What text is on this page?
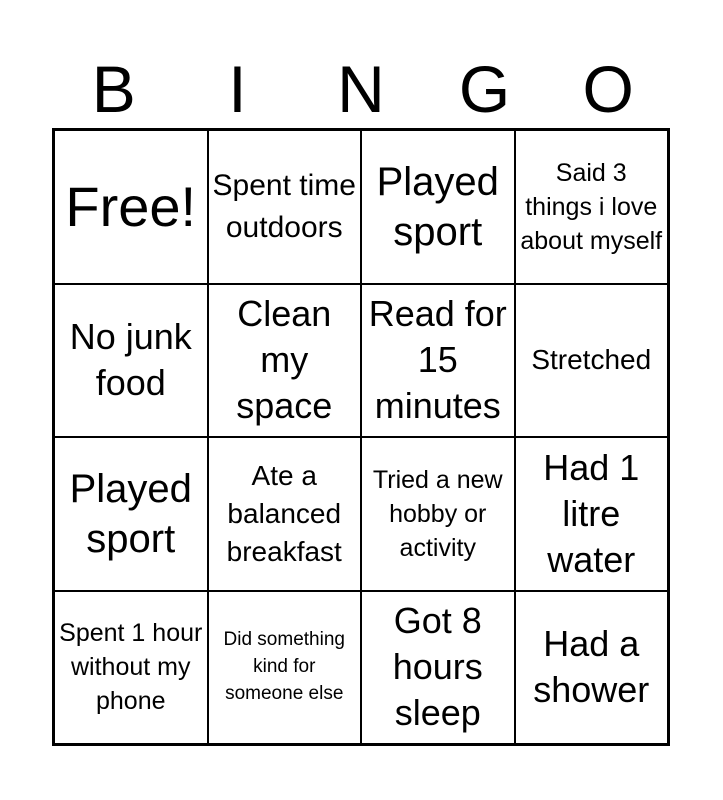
B	I	N	G	O
Free! Spent time outdoors
Played sport
Said 3 things i love about myself
No junk food
Clean my space
Read for 15 minutes
Stretched
Played sport
Ate a balanced breakfast
Tried a new hobby or activity
Had 1 litre water
Spent 1 hour without my phone
Did something kind for someone else
Got 8 hours sleep
Had a shower
